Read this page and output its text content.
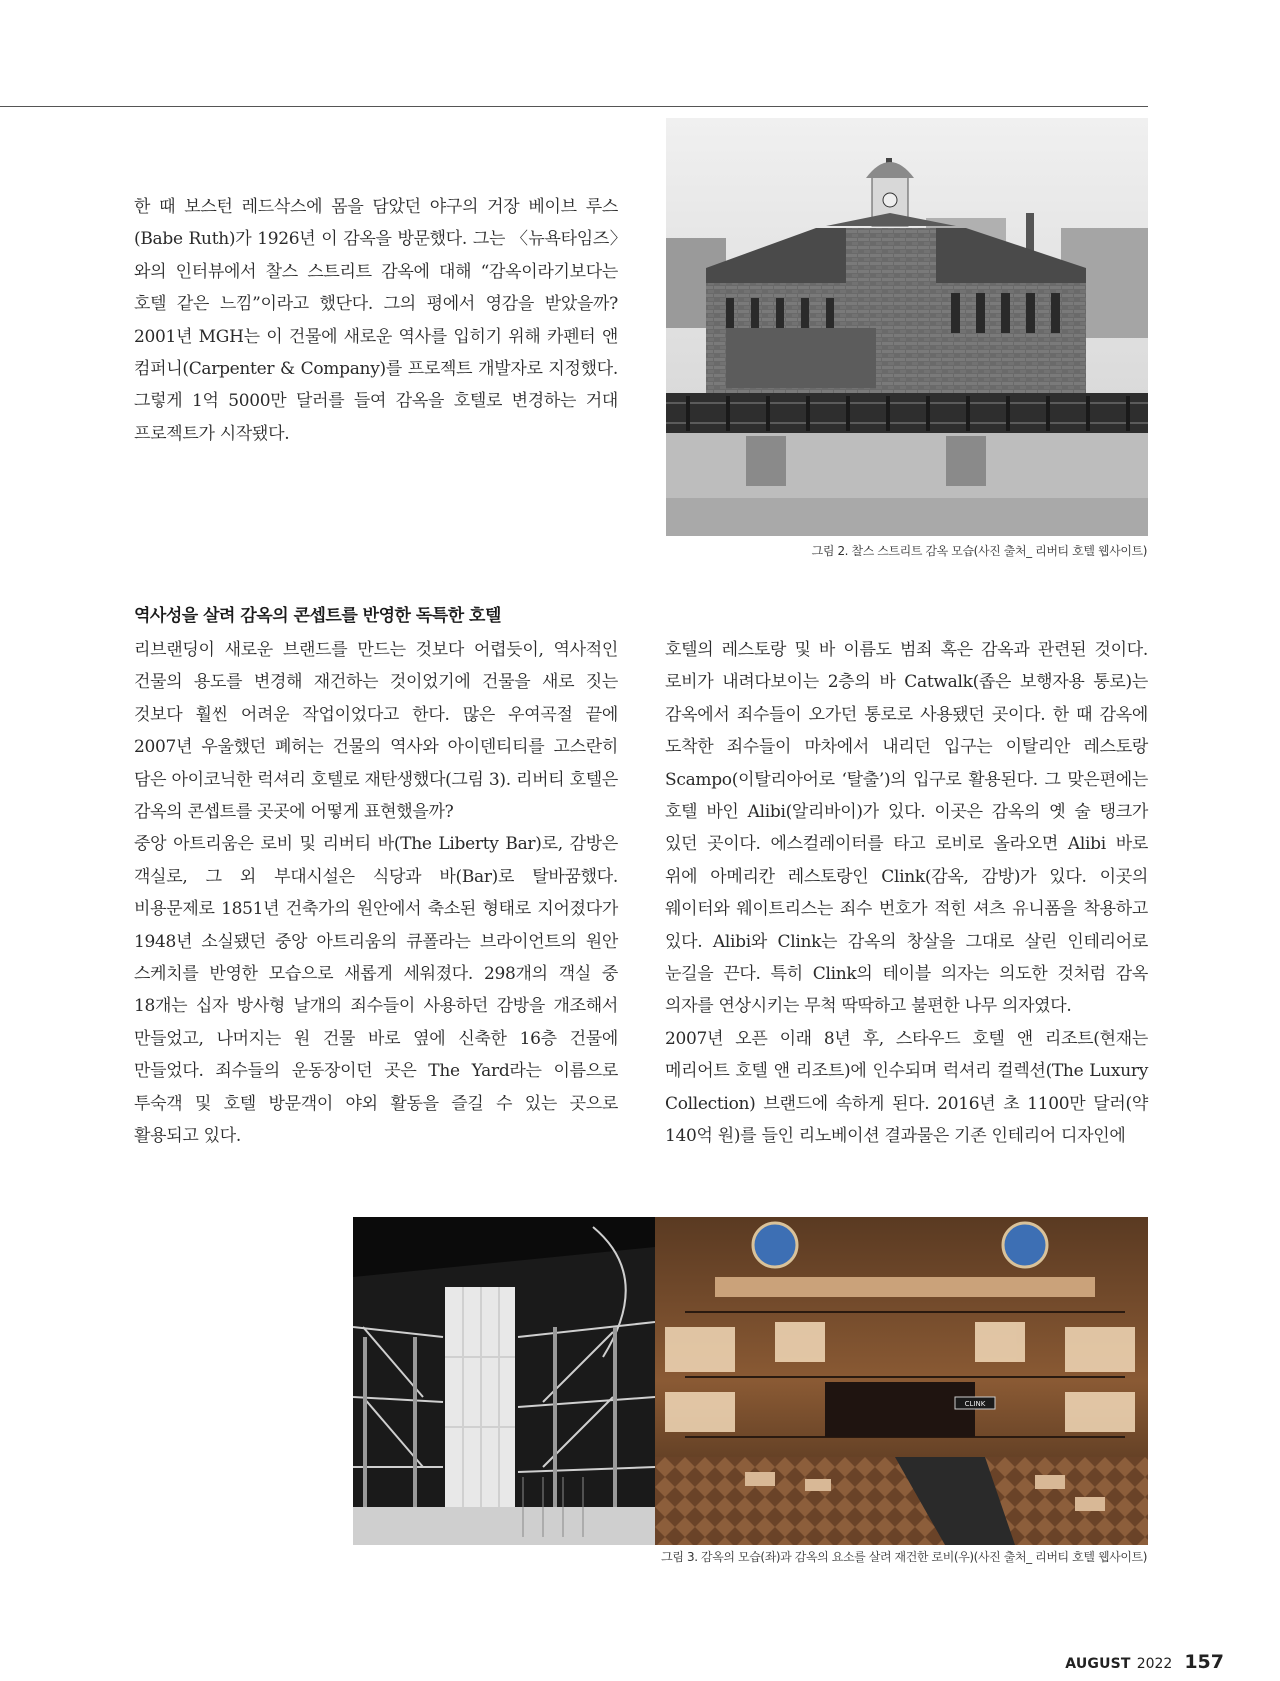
한 때 보스턴 레드삭스에 몸을 담았던 야구의 거장 베이브 루스(Babe Ruth)가 1926년 이 감옥을 방문했다. 그는 〈뉴욕타임즈〉와의 인터뷰에서 찰스 스트리트 감옥에 대해 “감옥이라기보다는 호텔 같은 느낌”이라고 했단다. 그의 평에서 영감을 받았을까? 2001년 MGH는 이 건물에 새로운 역사를 입히기 위해 카펜터 앤 컴퍼니(Carpenter & Company)를 프로젝트 개발자로 지정했다. 그렇게 1억 5000만 달러를 들여 감옥을 호텔로 변경하는 거대 프로젝트가 시작됐다.

그림 2. 찰스 스트리트 감옥 모습(사진 출처_ 리버티 호텔 웹사이트)
역사성을 살려 감옥의 콘셉트를 반영한 독특한 호텔

리브랜딩이 새로운 브랜드를 만드는 것보다 어렵듯이, 역사적인 건물의 용도를 변경해 재건하는 것이었기에 건물을 새로 짓는 것보다 훨씬 어려운 작업이었다고 한다. 많은 우여곡절 끝에 2007년 우울했던 폐허는 건물의 역사와 아이덴티티를 고스란히 담은 아이코닉한 럭셔리 호텔로 재탄생했다(그림 3). 리버티 호텔은 감옥의 콘셉트를 곳곳에 어떻게 표현했을까?

중앙 아트리움은 로비 및 리버티 바(The Liberty Bar)로, 감방은 객실로, 그 외 부대시설은 식당과 바(Bar)로 탈바꿈했다. 비용문제로 1851년 건축가의 원안에서 축소된 형태로 지어졌다가 1948년 소실됐던 중앙 아트리움의 큐폴라는 브라이언트의 원안 스케치를 반영한 모습으로 새롭게 세워졌다. 298개의 객실 중 18개는 십자 방사형 날개의 죄수들이 사용하던 감방을 개조해서 만들었고, 나머지는 원 건물 바로 옆에 신축한 16층 건물에 만들었다. 죄수들의 운동장이던 곳은 The Yard라는 이름으로 투숙객 및 호텔 방문객이 야외 활동을 즐길 수 있는 곳으로 활용되고 있다.

호텔의 레스토랑 및 바 이름도 범죄 혹은 감옥과 관련된 것이다. 로비가 내려다보이는 2층의 바 Catwalk(좁은 보행자용 통로)는 감옥에서 죄수들이 오가던 통로로 사용됐던 곳이다. 한 때 감옥에 도착한 죄수들이 마차에서 내리던 입구는 이탈리안 레스토랑 Scampo(이탈리아어로 ‘탈출’)의 입구로 활용된다. 그 맞은편에는 호텔 바인 Alibi(알리바이)가 있다. 이곳은 감옥의 옛 술 탱크가 있던 곳이다. 에스컬레이터를 타고 로비로 올라오면 Alibi 바로 위에 아메리칸 레스토랑인 Clink(감옥, 감방)가 있다. 이곳의 웨이터와 웨이트리스는 죄수 번호가 적힌 셔츠 유니폼을 착용하고 있다. Alibi와 Clink는 감옥의 창살을 그대로 살린 인테리어로 눈길을 끈다. 특히 Clink의 테이블 의자는 의도한 것처럼 감옥 의자를 연상시키는 무척 딱딱하고 불편한 나무 의자였다.

2007년 오픈 이래 8년 후, 스타우드 호텔 앤 리조트(현재는 메리어트 호텔 앤 리조트)에 인수되며 럭셔리 컬렉션(The Luxury Collection) 브랜드에 속하게 된다. 2016년 초 1100만 달러(약 140억 원)를 들인 리노베이션 결과물은 기존 인테리어 디자인에

CLINK
그림 3. 감옥의 모습(좌)과 감옥의 요소를 살려 재건한 로비(우)(사진 출처_ 리버티 호텔 웹사이트)
AUGUST 2022 157
